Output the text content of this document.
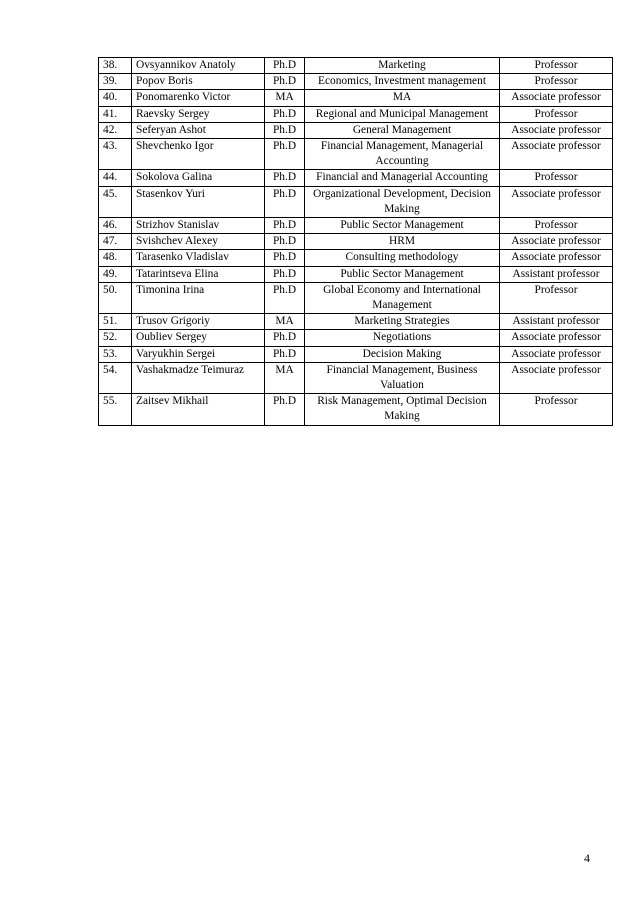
38.	Ovsyannikov Anatoly	Ph.D	Marketing	Professor
39.	Popov Boris	Ph.D	Economics, Investment management	Professor
40.	Ponomarenko Victor	MA	MA	Associate professor
41.	Raevsky Sergey	Ph.D	Regional and Municipal Management	Professor
42.	Seferyan Ashot	Ph.D	General Management	Associate professor
43.	Shevchenko Igor	Ph.D	Financial Management, Managerial Accounting	Associate professor
44.	Sokolova Galina	Ph.D	Financial and Managerial Accounting	Professor
45.	Stasenkov Yuri	Ph.D	Organizational Development, Decision Making	Associate professor
46.	Strizhov Stanislav	Ph.D	Public Sector Management	Professor
47.	Svishchev Alexey	Ph.D	HRM	Associate professor
48.	Tarasenko Vladislav	Ph.D	Consulting methodology	Associate professor
49.	Tatarintseva Elina	Ph.D	Public Sector Management	Assistant professor
50.	Timonina Irina	Ph.D	Global Economy and International Management	Professor
51.	Trusov Grigoriy	MA	Marketing Strategies	Assistant professor
52.	Oubliev Sergey	Ph.D	Negotiations	Associate professor
53.	Varyukhin Sergei	Ph.D	Decision Making	Associate professor
54.	Vashakmadze Teimuraz	MA	Financial Management, Business Valuation	Associate professor
55.	Zaitsev Mikhail	Ph.D	Risk Management, Optimal Decision Making	Professor
4
